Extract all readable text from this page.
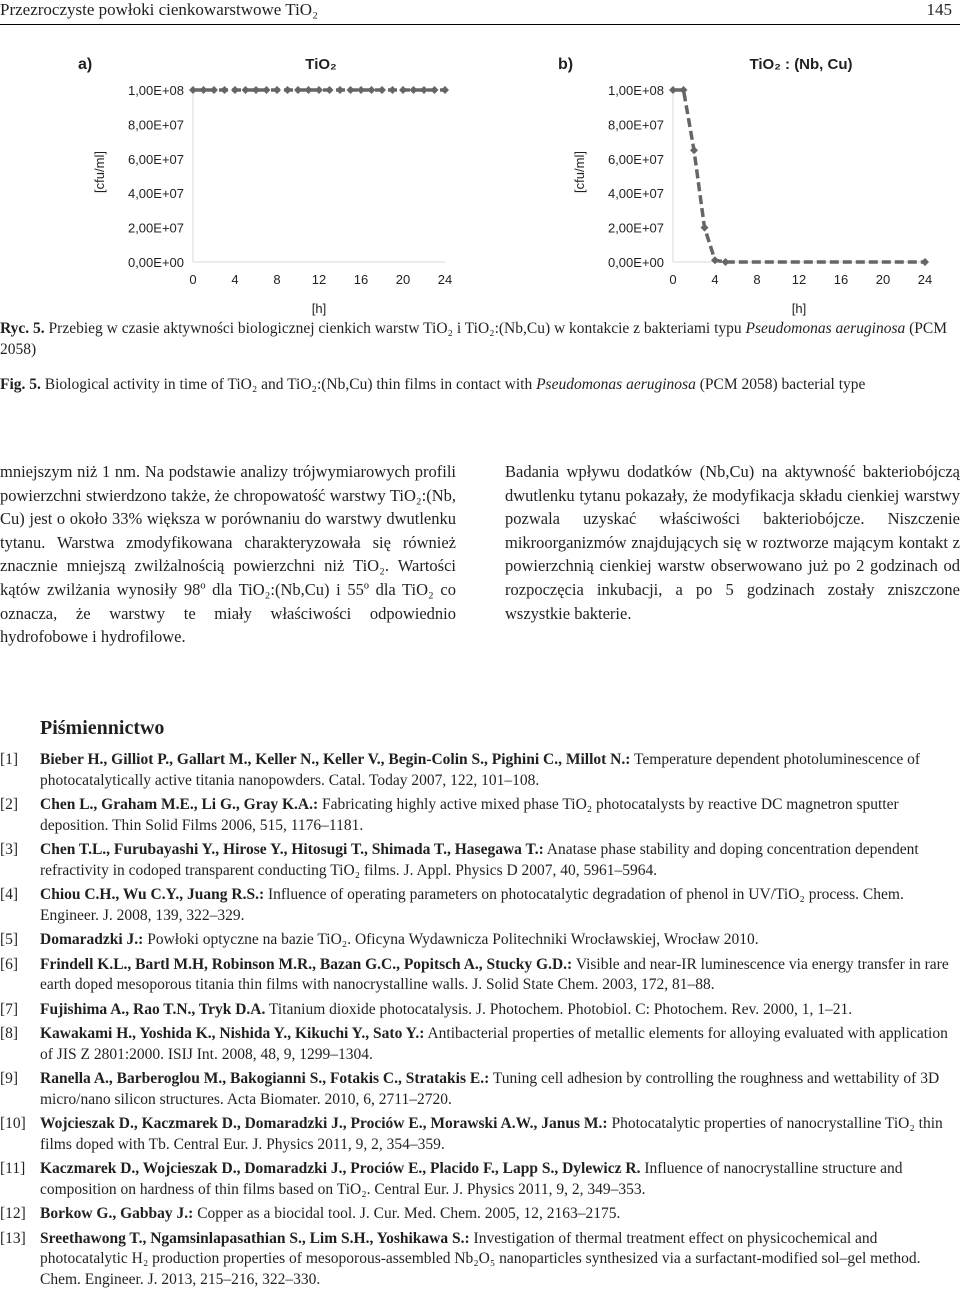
Przezroczyste powłoki cienkowarstwowe TiO₂	145
a)	TiO₂
0,00E+00
2,00E+07
4,00E+07
6,00E+07
8,00E+07
1,00E+08
0	4	8 12 16 20 24
[h]
[cfu/ml]
b)	TiO₂ : (Nb, Cu)
0,00E+00
2,00E+07
4,00E+07
6,00E+07
8,00E+07
1,00E+08
0	4	8 12 16 20 24
[h]
[cfu/ml]
Ryc. 5. Przebieg w czasie aktywności biologicznej cienkich warstw TiO₂ i TiO₂:(Nb,Cu) w kontakcie z bakteriami typu Pseudomonas aeruginosa (PCM 2058)
Fig. 5. Biological activity in time of TiO₂ and TiO₂:(Nb,Cu) thin films in contact with Pseudomonas aeruginosa (PCM 2058) bacterial type

mniejszym niż 1 nm. Na podstawie analizy trójwymiarowych profili powierzchni stwierdzono także, że chropowatość warstwy TiO₂:(Nb, Cu) jest o około 33% większa w porównaniu do warstwy dwutlenku tytanu. Warstwa zmodyfikowana charakteryzowała się również znacznie mniejszą zwilżalnością powierzchni niż TiO₂. Wartości kątów zwilżania wynosiły 98º dla TiO₂:(Nb,Cu) i 55º dla TiO₂ co oznacza, że warstwy te miały właściwości odpowiednio hydrofobowe i hydrofilowe.

Badania wpływu dodatków (Nb,Cu) na aktywność bakteriobójczą dwutlenku tytanu pokazały, że modyfikacja składu cienkiej warstwy pozwala uzyskać właściwości bakteriobójcze. Niszczenie mikroorganizmów znajdujących się w roztworze mającym kontakt z powierzchnią cienkiej warstw obserwowano już po 2 godzinach od rozpoczęcia inkubacji, a po 5 godzinach zostały zniszczone wszystkie bakterie.

Piśmiennictwo
[1]	Bieber H., Gilliot P., Gallart M., Keller N., Keller V., Begin-Colin S., Pighini C., Millot N.: Temperature dependent photoluminescence of photocatalytically active titania nanopowders. Catal. Today 2007, 122, 101–108.
[2]	Chen L., Graham M.E., Li G., Gray K.A.: Fabricating highly active mixed phase TiO₂ photocatalysts by reactive DC magnetron sputter deposition. Thin Solid Films 2006, 515, 1176–1181.
[3]	Chen T.L., Furubayashi Y., Hirose Y., Hitosugi T., Shimada T., Hasegawa T.: Anatase phase stability and doping concentration dependent refractivity in codoped transparent conducting TiO₂ films. J. Appl. Physics D 2007, 40, 5961–5964.
[4]	Chiou C.H., Wu C.Y., Juang R.S.: Influence of operating parameters on photocatalytic degradation of phenol in UV/TiO₂ process. Chem. Engineer. J. 2008, 139, 322–329.
[5]	Domaradzki J.: Powłoki optyczne na bazie TiO₂. Oficyna Wydawnicza Politechniki Wrocławskiej, Wrocław 2010.
[6]	Frindell K.L., Bartl M.H, Robinson M.R., Bazan G.C., Popitsch A., Stucky G.D.: Visible and near-IR luminescence via energy transfer in rare earth doped mesoporous titania thin films with nanocrystalline walls. J. Solid State Chem. 2003, 172, 81–88.
[7]	Fujishima A., Rao T.N., Tryk D.A. Titanium dioxide photocatalysis. J. Photochem. Photobiol. C: Photochem. Rev. 2000, 1, 1–21.
[8]	Kawakami H., Yoshida K., Nishida Y., Kikuchi Y., Sato Y.: Antibacterial properties of metallic elements for alloying evaluated with application of JIS Z 2801:2000. ISIJ Int. 2008, 48, 9, 1299–1304.
[9]	Ranella A., Barberoglou M., Bakogianni S., Fotakis C., Stratakis E.: Tuning cell adhesion by controlling the roughness and wettability of 3D micro/nano silicon structures. Acta Biomater. 2010, 6, 2711–2720.
[10] Wojcieszak D., Kaczmarek D., Domaradzki J., Prociów E., Morawski A.W., Janus M.: Photocatalytic properties of nanocrystalline TiO₂ thin films doped with Tb. Central Eur. J. Physics 2011, 9, 2, 354–359.
[11] Kaczmarek D., Wojcieszak D., Domaradzki J., Prociów E., Placido F., Lapp S., Dylewicz R. Influence of nanocrystalline structure and composition on hardness of thin films based on TiO₂. Central Eur. J. Physics 2011, 9, 2, 349–353.
[12] Borkow G., Gabbay J.: Copper as a biocidal tool. J. Cur. Med. Chem. 2005, 12, 2163–2175.
[13] Sreethawong T., Ngamsinlapasathian S., Lim S.H., Yoshikawa S.: Investigation of thermal treatment effect on physicochemical and photocatalytic H₂ production properties of mesoporous-assembled Nb₂O₅ nanoparticles synthesized via a surfactant-modified sol–gel method. Chem. Engineer. J. 2013, 215–216, 322–330.
